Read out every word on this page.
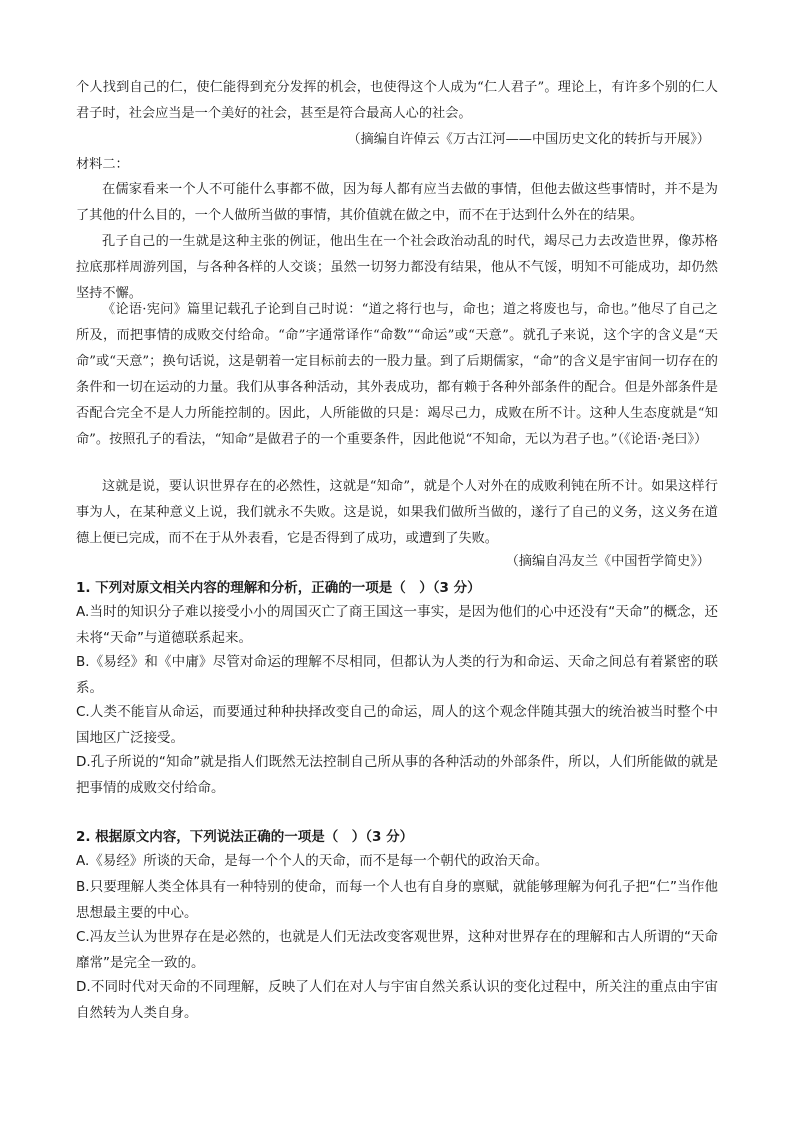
个人找到自己的仁，使仁能得到充分发挥的机会，也使得这个人成为“仁人君子”。理论上，有许多个别的仁人君子时，社会应当是一个美好的社会，甚至是符合最高人心的社会。

（摘编自许倬云《万古江河——中国历史文化的转折与开展》）

材料二：

在儒家看来一个人不可能什么事都不做，因为每人都有应当去做的事情，但他去做这些事情时，并不是为了其他的什么目的，一个人做所当做的事情，其价值就在做之中，而不在于达到什么外在的结果。

孔子自己的一生就是这种主张的例证，他出生在一个社会政治动乱的时代，竭尽己力去改造世界，像苏格拉底那样周游列国，与各种各样的人交谈；虽然一切努力都没有结果，他从不气馁，明知不可能成功，却仍然坚持不懈。

《论语·宪问》篇里记载孔子论到自己时说：“道之将行也与，命也；道之将废也与，命也。”他尽了自己之所及，而把事情的成败交付给命。“命”字通常译作“命数”“命运”或“天意”。就孔子来说，这个字的含义是“天命”或“天意”；换句话说，这是朝着一定目标前去的一股力量。到了后期儒家，“命”的含义是宇宙间一切存在的条件和一切在运动的力量。我们从事各种活动，其外表成功，都有赖于各种外部条件的配合。但是外部条件是否配合完全不是人力所能控制的。因此，人所能做的只是：竭尽己力，成败在所不计。这种人生态度就是“知命”。按照孔子的看法，“知命”是做君子的一个重要条件，因此他说“不知命，无以为君子也。”（《论语·尧曰》）

这就是说，要认识世界存在的必然性，这就是“知命”，就是个人对外在的成败利钝在所不计。如果这样行事为人，在某种意义上说，我们就永不失败。这是说，如果我们做所当做的，遂行了自己的义务，这义务在道德上便已完成，而不在于从外表看，它是否得到了成功，或遭到了失败。

（摘编自冯友兰《中国哲学简史》）

1. 下列对原文相关内容的理解和分析，正确的一项是（　）（3 分）

A.当时的知识分子难以接受小小的周国灭亡了商王国这一事实，是因为他们的心中还没有“天命”的概念，还未将“天命”与道德联系起来。

B.《易经》和《中庸》尽管对命运的理解不尽相同，但都认为人类的行为和命运、天命之间总有着紧密的联系。

C.人类不能盲从命运，而要通过种种抉择改变自己的命运，周人的这个观念伴随其强大的统治被当时整个中国地区广泛接受。

D.孔子所说的“知命”就是指人们既然无法控制自己所从事的各种活动的外部条件，所以，人们所能做的就是把事情的成败交付给命。

2. 根据原文内容，下列说法正确的一项是（　）（3 分）

A.《易经》所谈的天命，是每一个个人的天命，而不是每一个朝代的政治天命。

B.只要理解人类全体具有一种特别的使命，而每一个人也有自身的禀赋，就能够理解为何孔子把“仁”当作他思想最主要的中心。

C.冯友兰认为世界存在是必然的，也就是人们无法改变客观世界，这种对世界存在的理解和古人所谓的“天命靡常”是完全一致的。

D.不同时代对天命的不同理解，反映了人们在对人与宇宙自然关系认识的变化过程中，所关注的重点由宇宙自然转为人类自身。
